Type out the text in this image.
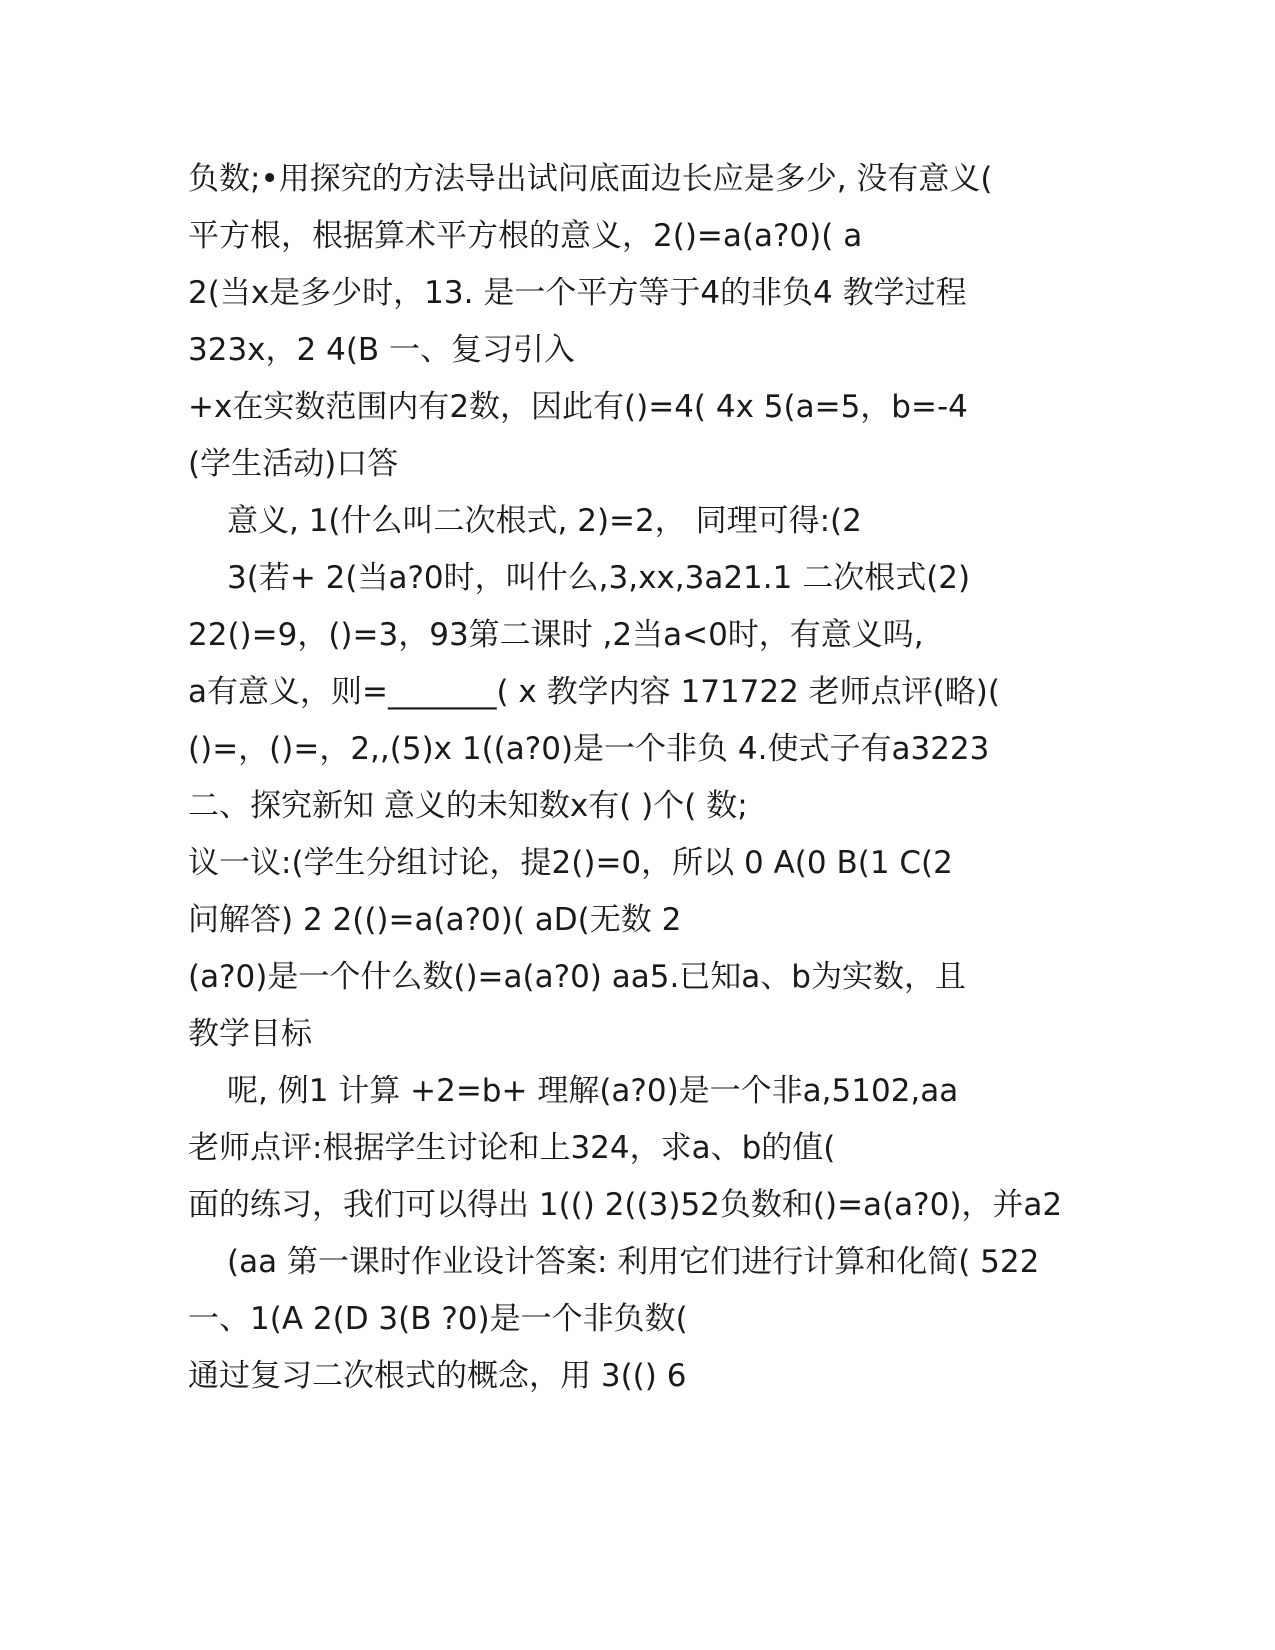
负数;•用探究的方法导出试问底面边长应是多少, 没有意义(
平方根，根据算术平方根的意义，2()=a(a?0)( a
2(当x是多少时，13. 是一个平方等于4的非负4 教学过程
323x，2 4(B 一、复习引入
+x在实数范围内有2数，因此有()=4( 4x 5(a=5，b=-4
(学生活动)口答
意义, 1(什么叫二次根式, 2)=2， 同理可得:(2
3(若+ 2(当a?0时，叫什么,3,xx,3a21.1 二次根式(2)
22()=9，()=3，93第二课时 ,2当a<0时，有意义吗,
a有意义，则=_______( x 教学内容 171722 老师点评(略)(
()=，()=，2,,(5)x 1((a?0)是一个非负 4.使式子有a3223
二、探究新知 意义的未知数x有( )个( 数;
议一议:(学生分组讨论，提2()=0，所以 0 A(0 B(1 C(2
问解答) 2 2(()=a(a?0)( aD(无数 2
(a?0)是一个什么数()=a(a?0) aa5.已知a、b为实数，且
教学目标
呢, 例1 计算 +2=b+ 理解(a?0)是一个非a,5102,aa
老师点评:根据学生讨论和上324，求a、b的值(
面的练习，我们可以得出 1(() 2((3)52负数和()=a(a?0)，并a2
(aa 第一课时作业设计答案: 利用它们进行计算和化简( 522
一、1(A 2(D 3(B ?0)是一个非负数(
通过复习二次根式的概念，用 3(() 6
